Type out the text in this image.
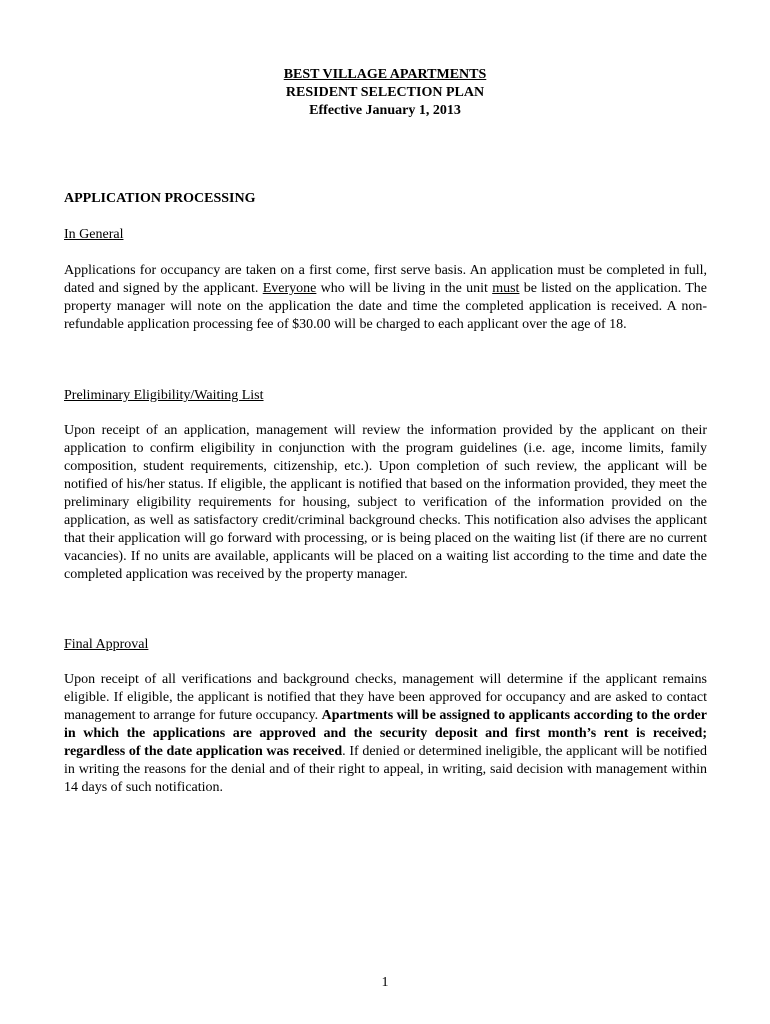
BEST VILLAGE APARTMENTS
RESIDENT SELECTION PLAN
Effective January 1, 2013
APPLICATION PROCESSING
In General

Applications for occupancy are taken on a first come, first serve basis. An application must be completed in full, dated and signed by the applicant. Everyone who will be living in the unit must be listed on the application. The property manager will note on the application the date and time the completed application is received. A non-refundable application processing fee of $30.00 will be charged to each applicant over the age of 18.

Preliminary Eligibility/Waiting List

Upon receipt of an application, management will review the information provided by the applicant on their application to confirm eligibility in conjunction with the program guidelines (i.e. age, income limits, family composition, student requirements, citizenship, etc.). Upon completion of such review, the applicant will be notified of his/her status. If eligible, the applicant is notified that based on the information provided, they meet the preliminary eligibility requirements for housing, subject to verification of the information provided on the application, as well as satisfactory credit/criminal background checks. This notification also advises the applicant that their application will go forward with processing, or is being placed on the waiting list (if there are no current vacancies). If no units are available, applicants will be placed on a waiting list according to the time and date the completed application was received by the property manager.

Final Approval

Upon receipt of all verifications and background checks, management will determine if the applicant remains eligible. If eligible, the applicant is notified that they have been approved for occupancy and are asked to contact management to arrange for future occupancy. Apartments will be assigned to applicants according to the order in which the applications are approved and the security deposit and first month’s rent is received; regardless of the date application was received. If denied or determined ineligible, the applicant will be notified in writing the reasons for the denial and of their right to appeal, in writing, said decision with management within 14 days of such notification.

1
